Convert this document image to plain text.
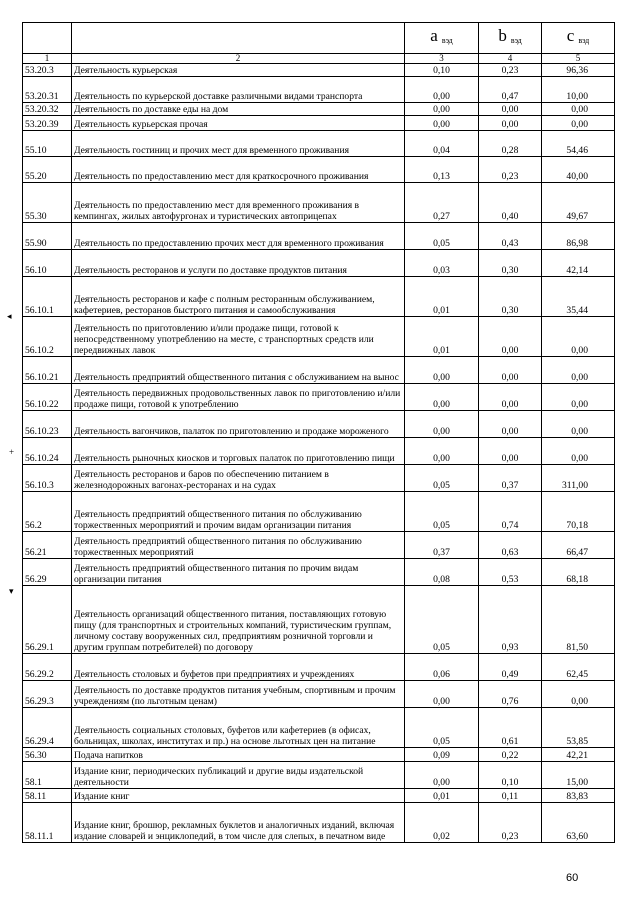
		a $_{вэд}$	b $_{вэд}$	c $_{вэд}$
1	2	3	4	5
53.20.3	Деятельность курьерская	0,10	0,23	96,36
53.20.31	Деятельность по курьерской доставке различными видами транспорта	0,00	0,47	10,00
53.20.32	Деятельность по доставке еды на дом	0,00	0,00	0,00
53.20.39	Деятельность курьерская прочая	0,00	0,00	0,00
55.10	Деятельность гостиниц и прочих мест для временного проживания	0,04	0,28	54,46
55.20	Деятельность по предоставлению мест для краткосрочного проживания	0,13	0,23	40,00
55.30	Деятельность по предоставлению мест для временного проживания в кемпингах, жилых автофургонах и туристических автоприцепах	0,27	0,40	49,67
55.90	Деятельность по предоставлению прочих мест для временного проживания	0,05	0,43	86,98
56.10	Деятельность ресторанов и услуги по доставке продуктов питания	0,03	0,30	42,14
56.10.1	Деятельность ресторанов и кафе с полным ресторанным обслуживанием, кафетериев, ресторанов быстрого питания и самообслуживания	0,01	0,30	35,44
56.10.2	Деятельность по приготовлению и/или продаже пищи, готовой к непосредственному употреблению на месте, с транспортных средств или передвижных лавок	0,01	0,00	0,00
56.10.21	Деятельность предприятий общественного питания с обслуживанием на вынос	0,00	0,00	0,00
56.10.22	Деятельность передвижных продовольственных лавок по приготовлению и/или продаже пищи, готовой к употреблению	0,00	0,00	0,00
56.10.23	Деятельность вагончиков, палаток по приготовлению и продаже мороженого	0,00	0,00	0,00
56.10.24	Деятельность рыночных киосков и торговых палаток по приготовлению пищи	0,00	0,00	0,00
56.10.3	Деятельность ресторанов и баров по обеспечению питанием в железнодорожных вагонах-ресторанах и на судах	0,05	0,37	311,00
56.2	Деятельность предприятий общественного питания по обслуживанию торжественных мероприятий и прочим видам организации питания	0,05	0,74	70,18
56.21	Деятельность предприятий общественного питания по обслуживанию торжественных мероприятий	0,37	0,63	66,47
56.29	Деятельность предприятий общественного питания по прочим видам организации питания	0,08	0,53	68,18
56.29.1	Деятельность организаций общественного питания, поставляющих готовую пищу (для транспортных и строительных компаний, туристическим группам, личному составу вооруженных сил, предприятиям розничной торговли и другим группам потребителей) по договору	0,05	0,93	81,50
56.29.2	Деятельность столовых и буфетов при предприятиях и учреждениях	0,06	0,49	62,45
56.29.3	Деятельность по доставке продуктов питания учебным, спортивным и прочим учреждениям (по льготным ценам)	0,00	0,76	0,00
56.29.4	Деятельность социальных столовых, буфетов или кафетериев (в офисах, больницах, школах, институтах и пр.) на основе льготных цен на питание	0,05	0,61	53,85
56.30	Подача напитков	0,09	0,22	42,21
58.1	Издание книг, периодических публикаций и другие виды издательской деятельности	0,00	0,10	15,00
58.11	Издание книг	0,01	0,11	83,83
58.11.1	Издание книг, брошюр, рекламных буклетов и аналогичных изданий, включая издание словарей и энциклопедий, в том числе для слепых, в печатном виде	0,02	0,23	63,60
◂
+
▾
60
